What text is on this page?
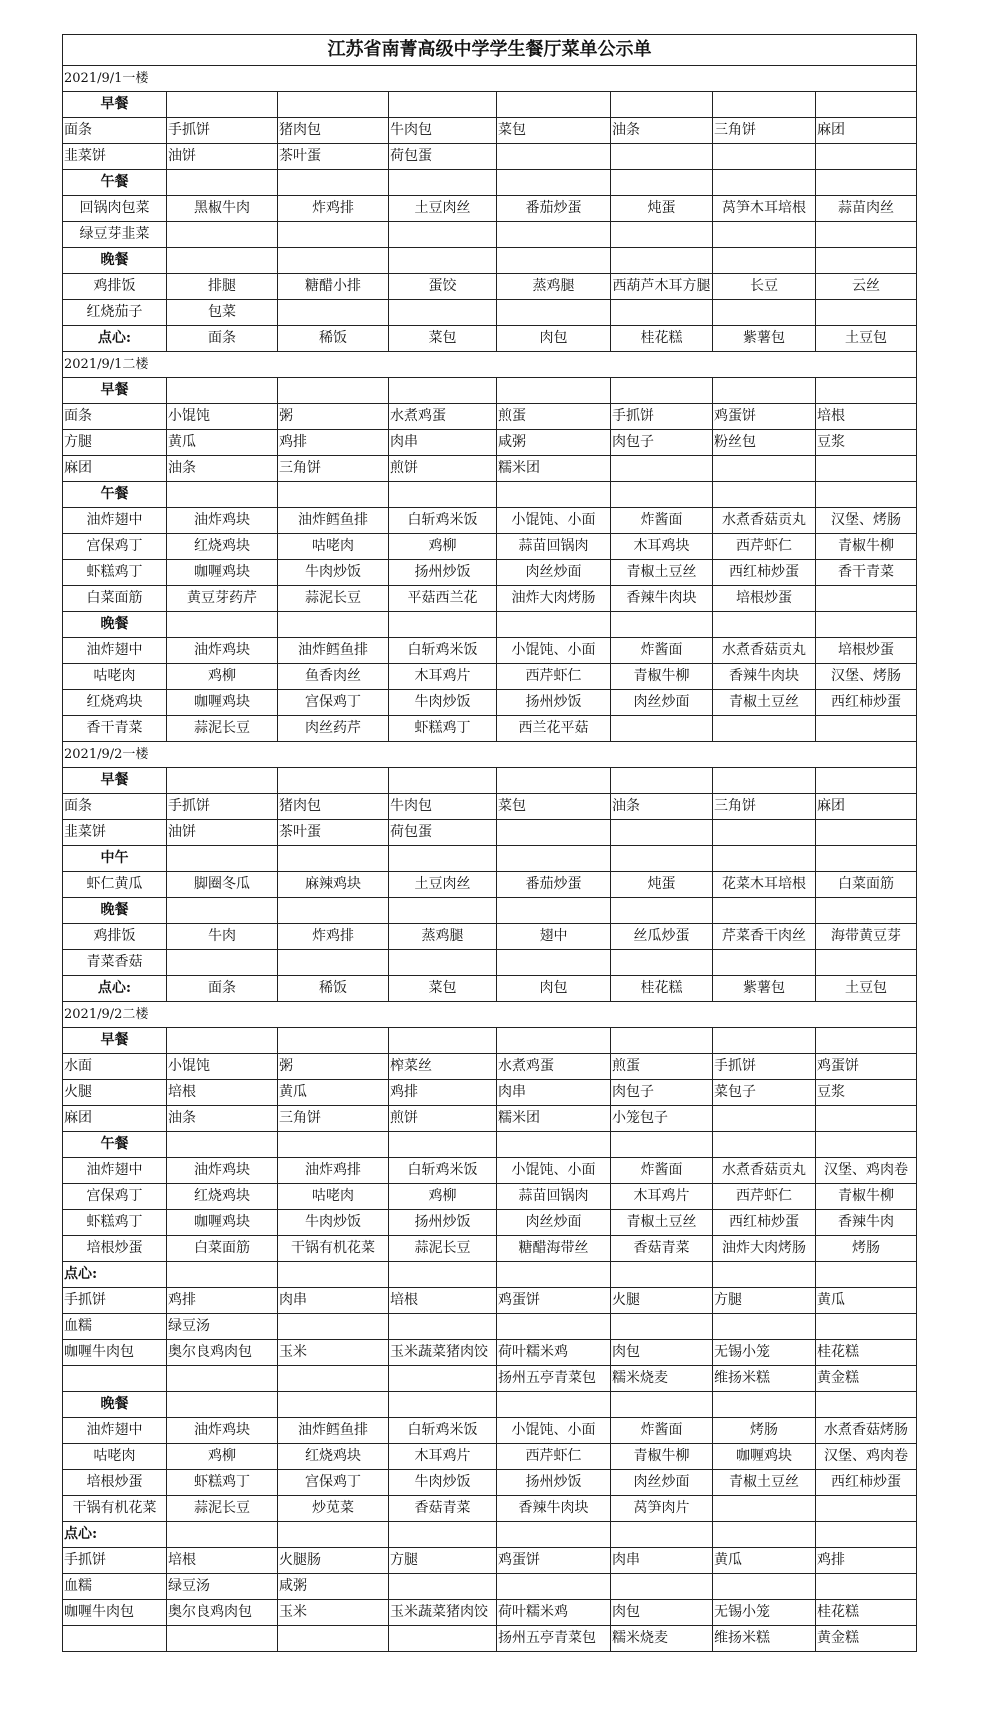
江苏省南菁高级中学学生餐厅菜单公示单							
2021/9/1一楼							
早餐							
面条	手抓饼	猪肉包	牛肉包	菜包	油条	三角饼	麻团
韭菜饼	油饼	茶叶蛋	荷包蛋				
午餐							
回锅肉包菜	黑椒牛肉	炸鸡排	土豆肉丝	番茄炒蛋	炖蛋	莴笋木耳培根	蒜苗肉丝
绿豆芽韭菜							
晚餐							
鸡排饭	排腿	糖醋小排	蛋饺	蒸鸡腿	西葫芦木耳方腿	长豆	云丝
红烧茄子	包菜						
点心:	面条	稀饭	菜包	肉包	桂花糕	紫薯包	土豆包
2021/9/1二楼							
早餐							
面条	小馄饨	粥	水煮鸡蛋	煎蛋	手抓饼	鸡蛋饼	培根
方腿	黄瓜	鸡排	肉串	咸粥	肉包子	粉丝包	豆浆
麻团	油条	三角饼	煎饼	糯米团			
午餐							
油炸翅中	油炸鸡块	油炸鳕鱼排	白斩鸡米饭	小馄饨、小面	炸酱面	水煮香菇贡丸	汉堡、烤肠
宫保鸡丁	红烧鸡块	咕咾肉	鸡柳	蒜苗回锅肉	木耳鸡块	西芹虾仁	青椒牛柳
虾糕鸡丁	咖喱鸡块	牛肉炒饭	扬州炒饭	肉丝炒面	青椒土豆丝	西红柿炒蛋	香干青菜
白菜面筋	黄豆芽药芹	蒜泥长豆	平菇西兰花	油炸大肉烤肠	香辣牛肉块	培根炒蛋	
晚餐							
油炸翅中	油炸鸡块	油炸鳕鱼排	白斩鸡米饭	小馄饨、小面	炸酱面	水煮香菇贡丸	培根炒蛋
咕咾肉	鸡柳	鱼香肉丝	木耳鸡片	西芹虾仁	青椒牛柳	香辣牛肉块	汉堡、烤肠
红烧鸡块	咖喱鸡块	宫保鸡丁	牛肉炒饭	扬州炒饭	肉丝炒面	青椒土豆丝	西红柿炒蛋
香干青菜	蒜泥长豆	肉丝药芹	虾糕鸡丁	西兰花平菇			
2021/9/2一楼							
早餐							
面条	手抓饼	猪肉包	牛肉包	菜包	油条	三角饼	麻团
韭菜饼	油饼	茶叶蛋	荷包蛋				
中午							
虾仁黄瓜	脚圈冬瓜	麻辣鸡块	土豆肉丝	番茄炒蛋	炖蛋	花菜木耳培根	白菜面筋
晚餐							
鸡排饭	牛肉	炸鸡排	蒸鸡腿	翅中	丝瓜炒蛋	芹菜香干肉丝	海带黄豆芽
青菜香菇							
点心:	面条	稀饭	菜包	肉包	桂花糕	紫薯包	土豆包
2021/9/2二楼							
早餐							
水面	小馄饨	粥	榨菜丝	水煮鸡蛋	煎蛋	手抓饼	鸡蛋饼
火腿	培根	黄瓜	鸡排	肉串	肉包子	菜包子	豆浆
麻团	油条	三角饼	煎饼	糯米团	小笼包子		
午餐							
油炸翅中	油炸鸡块	油炸鸡排	白斩鸡米饭	小馄饨、小面	炸酱面	水煮香菇贡丸	汉堡、鸡肉卷
宫保鸡丁	红烧鸡块	咕咾肉	鸡柳	蒜苗回锅肉	木耳鸡片	西芹虾仁	青椒牛柳
虾糕鸡丁	咖喱鸡块	牛肉炒饭	扬州炒饭	肉丝炒面	青椒土豆丝	西红柿炒蛋	香辣牛肉
培根炒蛋	白菜面筋	干锅有机花菜	蒜泥长豆	糖醋海带丝	香菇青菜	油炸大肉烤肠	烤肠
点心:							
手抓饼	鸡排	肉串	培根	鸡蛋饼	火腿	方腿	黄瓜
血糯	绿豆汤						
咖喱牛肉包	奥尔良鸡肉包	玉米	玉米蔬菜猪肉饺	荷叶糯米鸡	肉包	无锡小笼	桂花糕
				扬州五亭青菜包	糯米烧麦	维扬米糕	黄金糕
晚餐							
油炸翅中	油炸鸡块	油炸鳕鱼排	白斩鸡米饭	小馄饨、小面	炸酱面	烤肠	水煮香菇烤肠
咕咾肉	鸡柳	红烧鸡块	木耳鸡片	西芹虾仁	青椒牛柳	咖喱鸡块	汉堡、鸡肉卷
培根炒蛋	虾糕鸡丁	宫保鸡丁	牛肉炒饭	扬州炒饭	肉丝炒面	青椒土豆丝	西红柿炒蛋
干锅有机花菜	蒜泥长豆	炒苋菜	香菇青菜	香辣牛肉块	莴笋肉片		
点心:							
手抓饼	培根	火腿肠	方腿	鸡蛋饼	肉串	黄瓜	鸡排
血糯	绿豆汤	咸粥					
咖喱牛肉包	奥尔良鸡肉包	玉米	玉米蔬菜猪肉饺	荷叶糯米鸡	肉包	无锡小笼	桂花糕
				扬州五亭青菜包	糯米烧麦	维扬米糕	黄金糕
